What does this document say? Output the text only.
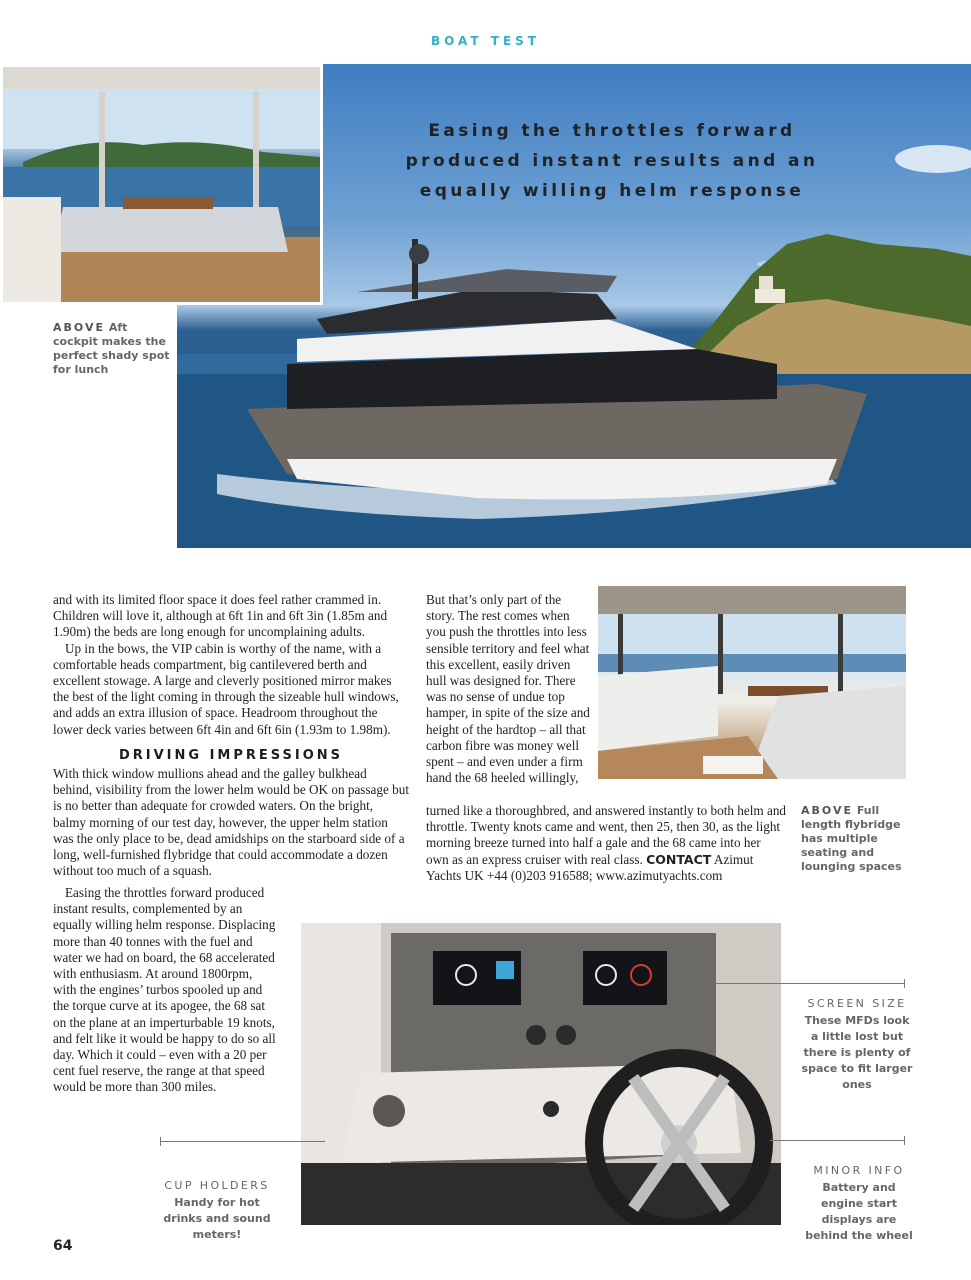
BOAT TEST
Easing the throttles forward produced instant results and an equally willing helm response
ABOVE Aft cockpit makes the perfect shady spot for lunch

and with its limited floor space it does feel rather crammed in. Children will love it, although at 6ft 1in and 6ft 3in (1.85m and 1.90m) the beds are long enough for uncomplaining adults.

Up in the bows, the VIP cabin is worthy of the name, with a comfortable heads compartment, big cantilevered berth and excellent stowage. A large and cleverly positioned mirror makes the best of the light coming in through the sizeable hull windows, and adds an extra illusion of space. Headroom throughout the lower deck varies between 6ft 4in and 6ft 6in (1.93m to 1.98m).

DRIVING IMPRESSIONS

With thick window mullions ahead and the galley bulkhead behind, visibility from the lower helm would be OK on passage but is no better than adequate for crowded waters. On the bright, balmy morning of our test day, however, the upper helm station was the only place to be, dead amidships on the starboard side of a long, well-furnished flybridge that could accommodate a dozen without too much of a squash.

Easing the throttles forward produced instant results, complemented by an equally willing helm response. Displacing more than 40 tonnes with the fuel and water we had on board, the 68 accelerated with enthusiasm. At around 1800rpm, with the engines’ turbos spooled up and the torque curve at its apogee, the 68 sat on the plane at an imperturbable 19 knots, and felt like it would be happy to do so all day. Which it could – even with a 20 per cent fuel reserve, the range at that speed would be more than 300 miles.

But that’s only part of the story. The rest comes when you push the throttles into less sensible territory and feel what this excellent, easily driven hull was designed for. There was no sense of undue top hamper, in spite of the size and height of the hardtop – all that carbon fibre was money well spent – and even under a firm hand the 68 heeled willingly,

turned like a thoroughbred, and answered instantly to both helm and throttle. Twenty knots came and went, then 25, then 30, as the light morning breeze turned into half a gale and the 68 came into her own as an express cruiser with real class. CONTACT Azimut Yachts UK +44 (0)203 916588; www.azimutyachts.com

ABOVE Full length flybridge has multiple seating and lounging spaces
SCREEN SIZE
These MFDs look a little lost but there is plenty of space to fit larger ones
CUP HOLDERS
Handy for hot drinks and sound meters!
MINOR INFO
Battery and engine start displays are behind the wheel
64
